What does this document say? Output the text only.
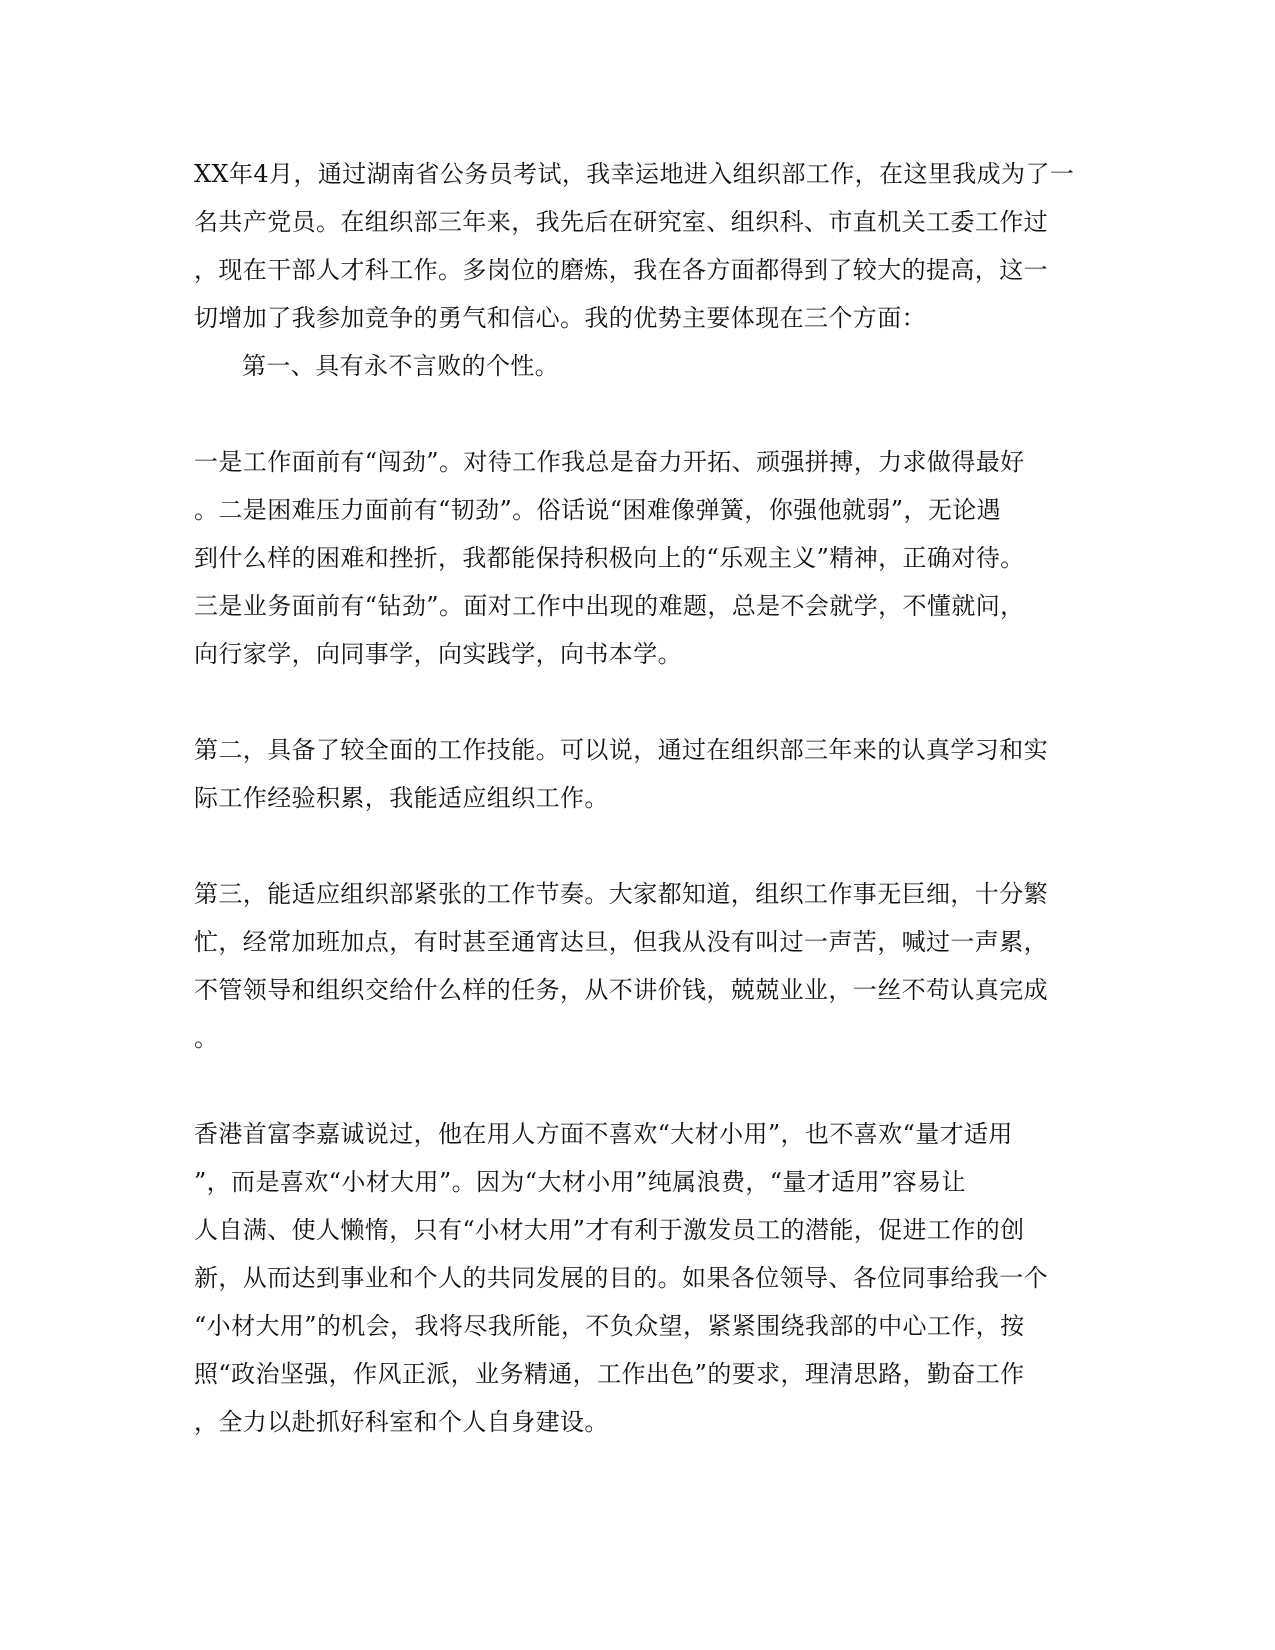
XX年4月，通过湖南省公务员考试，我幸运地进入组织部工作，在这里我成为了一

名共产党员。在组织部三年来，我先后在研究室、组织科、市直机关工委工作过

，现在干部人才科工作。多岗位的磨炼，我在各方面都得到了较大的提高，这一

切增加了我参加竞争的勇气和信心。我的优势主要体现在三个方面：

第一、具有永不言败的个性。

一是工作面前有“闯劲”。对待工作我总是奋力开拓、顽强拼搏，力求做得最好

。二是困难压力面前有“韧劲”。俗话说“困难像弹簧，你强他就弱”，无论遇

到什么样的困难和挫折，我都能保持积极向上的“乐观主义”精神，正确对待。

三是业务面前有“钻劲”。面对工作中出现的难题，总是不会就学，不懂就问，

向行家学，向同事学，向实践学，向书本学。

第二，具备了较全面的工作技能。可以说，通过在组织部三年来的认真学习和实

际工作经验积累，我能适应组织工作。

第三，能适应组织部紧张的工作节奏。大家都知道，组织工作事无巨细，十分繁

忙，经常加班加点，有时甚至通宵达旦，但我从没有叫过一声苦，喊过一声累，

不管领导和组织交给什么样的任务，从不讲价钱，兢兢业业，一丝不苟认真完成

。

香港首富李嘉诚说过，他在用人方面不喜欢“大材小用”，也不喜欢“量才适用

”，而是喜欢“小材大用”。因为“大材小用”纯属浪费，“量才适用”容易让

人自满、使人懒惰，只有“小材大用”才有利于激发员工的潜能，促进工作的创

新，从而达到事业和个人的共同发展的目的。如果各位领导、各位同事给我一个

“小材大用”的机会，我将尽我所能，不负众望，紧紧围绕我部的中心工作，按

照“政治坚强，作风正派，业务精通，工作出色”的要求，理清思路，勤奋工作

，全力以赴抓好科室和个人自身建设。
